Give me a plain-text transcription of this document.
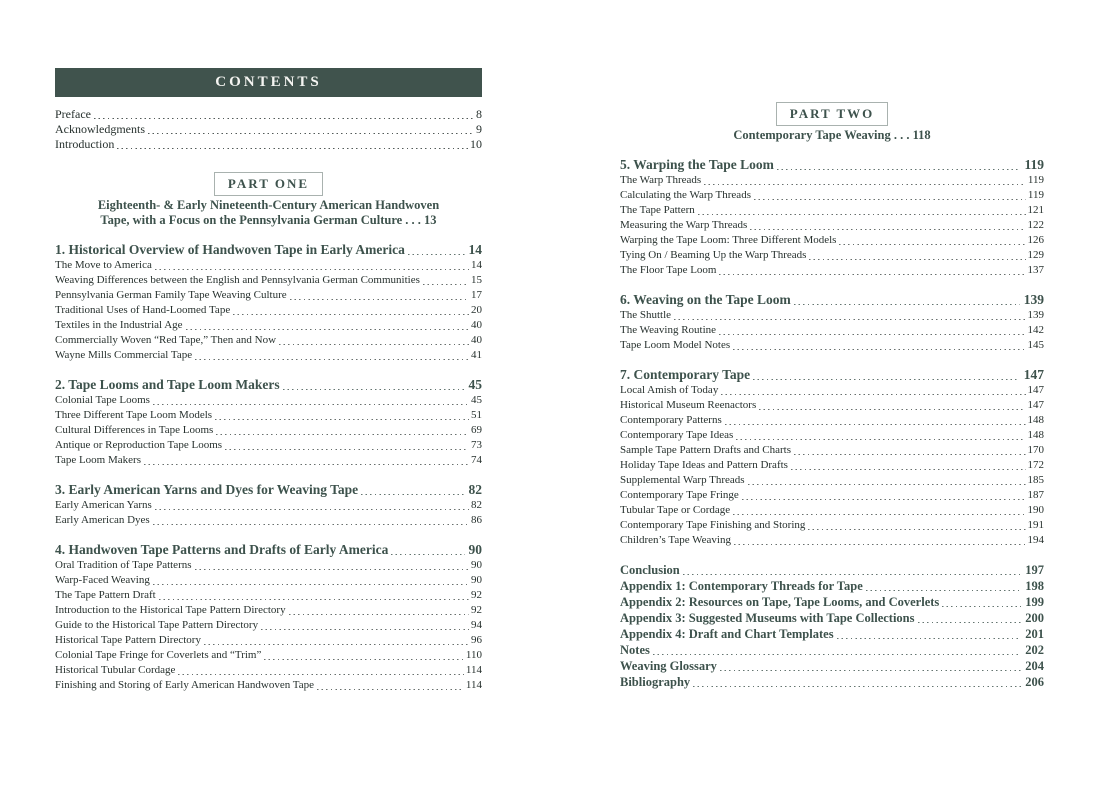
CONTENTS
Preface	8
Acknowledgments	9
Introduction	10
PART ONE
Eighteenth- & Early Nineteenth-Century American Handwoven
Tape, with a Focus on the Pennsylvania German Culture . . . 13
1. Historical Overview of Handwoven Tape in Early America	14
The Move to America	14
Weaving Differences between the English and Pennsylvania German Communities	15
Pennsylvania German Family Tape Weaving Culture	17
Traditional Uses of Hand-Loomed Tape	20
Textiles in the Industrial Age	40
Commercially Woven “Red Tape,” Then and Now	40
Wayne Mills Commercial Tape	41
2. Tape Looms and Tape Loom Makers	45
Colonial Tape Looms	45
Three Different Tape Loom Models	51
Cultural Differences in Tape Looms	69
Antique or Reproduction Tape Looms	73
Tape Loom Makers	74
3. Early American Yarns and Dyes for Weaving Tape	82
Early American Yarns	82
Early American Dyes	86
4. Handwoven Tape Patterns and Drafts of Early America	90
Oral Tradition of Tape Patterns	90
Warp-Faced Weaving	90
The Tape Pattern Draft	92
Introduction to the Historical Tape Pattern Directory	92
Guide to the Historical Tape Pattern Directory	94
Historical Tape Pattern Directory	96
Colonial Tape Fringe for Coverlets and “Trim”	110
Historical Tubular Cordage	114
Finishing and Storing of Early American Handwoven Tape	114
PART TWO
Contemporary Tape Weaving . . . 118
5. Warping the Tape Loom	119
The Warp Threads	119
Calculating the Warp Threads	119
The Tape Pattern	121
Measuring the Warp Threads	122
Warping the Tape Loom: Three Different Models	126
Tying On / Beaming Up the Warp Threads	129
The Floor Tape Loom	137
6. Weaving on the Tape Loom	139
The Shuttle	139
The Weaving Routine	142
Tape Loom Model Notes	145
7. Contemporary Tape	147
Local Amish of Today	147
Historical Museum Reenactors	147
Contemporary Patterns	148
Contemporary Tape Ideas	148
Sample Tape Pattern Drafts and Charts	170
Holiday Tape Ideas and Pattern Drafts	172
Supplemental Warp Threads	185
Contemporary Tape Fringe	187
Tubular Tape or Cordage	190
Contemporary Tape Finishing and Storing	191
Children’s Tape Weaving	194
Conclusion	197
Appendix 1: Contemporary Threads for Tape	198
Appendix 2: Resources on Tape, Tape Looms, and Coverlets	199
Appendix 3: Suggested Museums with Tape Collections	200
Appendix 4: Draft and Chart Templates	201
Notes	202
Weaving Glossary	204
Bibliography	206
